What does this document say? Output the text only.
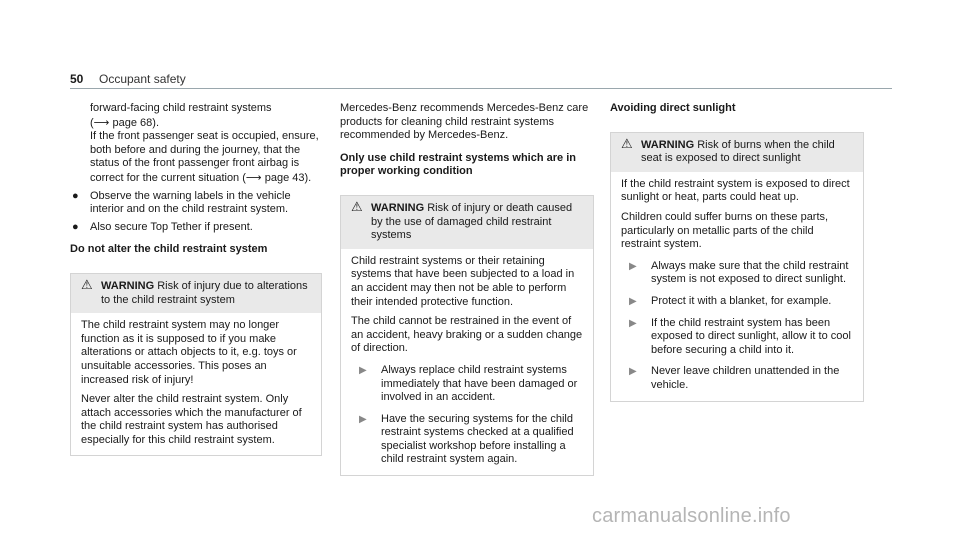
50 Occupant safety

forward-facing child restraint systems
(⟶ page 68).

If the front passenger seat is occupied, ensure, both before and during the journey, that the status of the front passenger front airbag is correct for the current situation (⟶ page 43).

● Observe the warning labels in the vehicle interior and on the child restraint system.
● Also secure Top Tether if present.

Do not alter the child restraint system

⚠ WARNING Risk of injury due to alterations to the child restraint system

The child restraint system may no longer function as it is supposed to if you make alterations or attach objects to it, e.g. toys or unsuitable accessories. This poses an increased risk of injury!

Never alter the child restraint system. Only attach accessories which the manufacturer of the child restraint system has authorised especially for this child restraint system.

Mercedes-Benz recommends Mercedes-Benz care products for cleaning child restraint systems recommended by Mercedes-Benz.

Only use child restraint systems which are in proper working condition

⚠ WARNING Risk of injury or death caused by the use of damaged child restraint systems

Child restraint systems or their retaining systems that have been subjected to a load in an accident may then not be able to perform their intended protective function.

The child cannot be restrained in the event of an accident, heavy braking or a sudden change of direction.

▶ Always replace child restraint systems immediately that have been damaged or involved in an accident.
▶ Have the securing systems for the child restraint systems checked at a qualified specialist workshop before installing a child restraint system again.

Avoiding direct sunlight

⚠ WARNING Risk of burns when the child seat is exposed to direct sunlight

If the child restraint system is exposed to direct sunlight or heat, parts could heat up.

Children could suffer burns on these parts, particularly on metallic parts of the child restraint system.

▶ Always make sure that the child restraint system is not exposed to direct sunlight.
▶ Protect it with a blanket, for example.
▶ If the child restraint system has been exposed to direct sunlight, allow it to cool before securing a child into it.
▶ Never leave children unattended in the vehicle.
carmanualsonline.info
